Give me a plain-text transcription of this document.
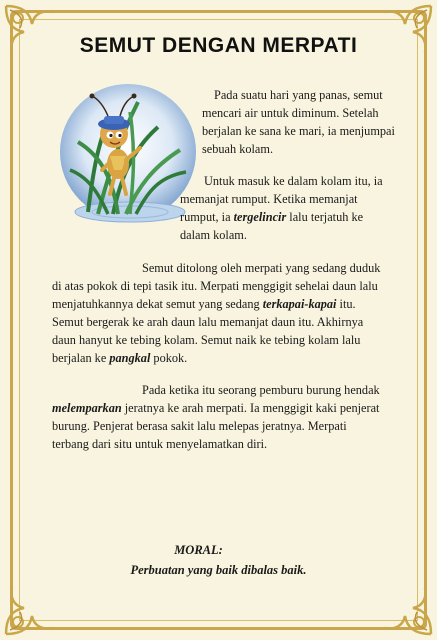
SEMUT DENGAN MERPATI
Pada suatu hari yang panas, semut
mencari air untuk diminum. Setelah
berjalan ke sana ke mari, ia menjumpai
sebuah kolam.
Untuk masuk ke dalam kolam itu, ia
memanjat rumput. Ketika memanjat
rumput, ia tergelincir lalu terjatuh ke
dalam kolam.
Semut ditolong oleh merpati yang sedang duduk
di atas pokok di tepi tasik itu. Merpati menggigit sehelai daun lalu
menjatuhkannya dekat semut yang sedang terkapai-kapai itu.
Semut bergerak ke arah daun lalu memanjat daun itu. Akhirnya
daun hanyut ke tebing kolam. Semut naik ke tebing kolam lalu
berjalan ke pangkal pokok.
Pada ketika itu seorang pemburu burung hendak
melemparkan jeratnya ke arah merpati. Ia menggigit kaki penjerat
burung. Penjerat berasa sakit lalu melepas jeratnya. Merpati
terbang dari situ untuk menyelamatkan diri.
MORAL:
Perbuatan yang baik dibalas baik.
